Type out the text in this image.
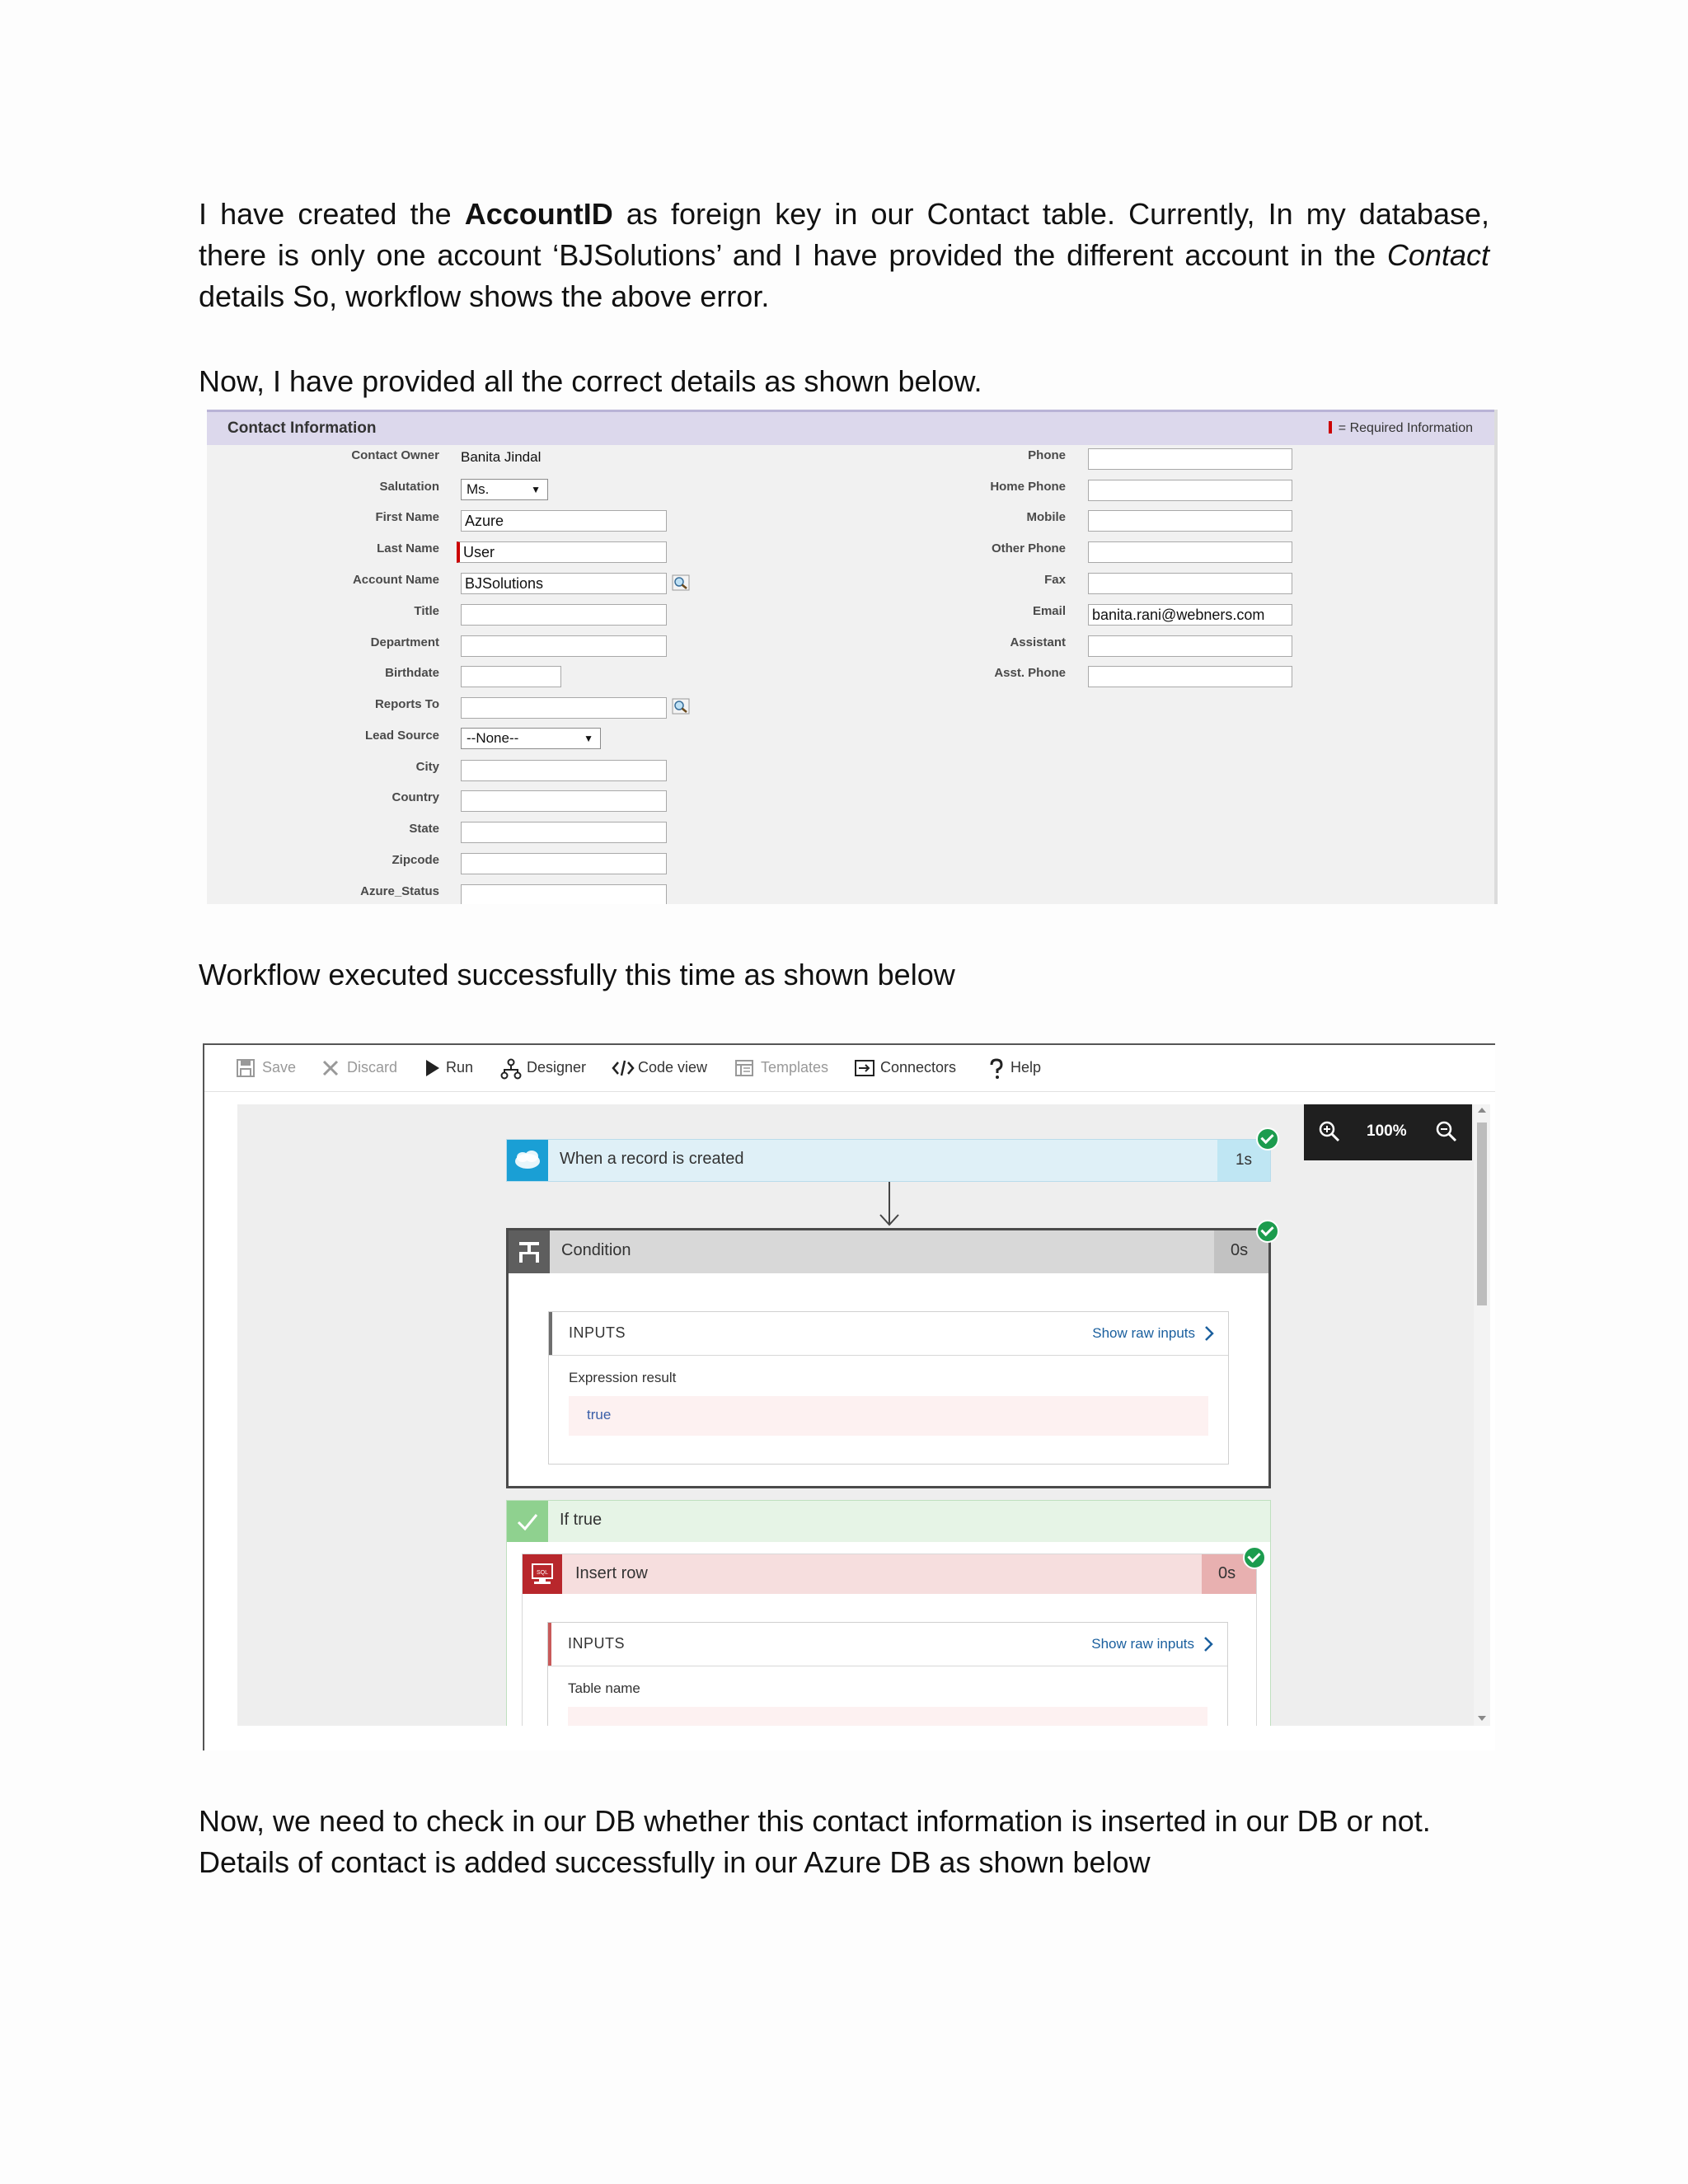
I have created the AccountID as foreign key in our Contact table. Currently, In my database, there is only one account ‘BJSolutions’ and I have provided the different account in the Contact details So, workflow shows the above error.

Now, I have provided all the correct details as shown below.

Contact Information	= Required Information
Contact Owner Banita Jindal
Salutation	Ms.	▼
First Name Azure
Last Name	User
Account Name BJSolutions
Title
Department
Birthdate
Reports To
Lead Source	--None--	▼
City
Country
State
Zipcode
Azure_Status
Phone
Home Phone
Mobile
Other Phone
Fax
Email banita.rani@webners.com
Assistant
Asst. Phone

Workflow executed successfully this time as shown below

Save	Discard	Run	Designer	Code view	Templates	Connectors	Help
100%
When a record is created	1s
Condition	0s
INPUTS	Show raw inputs
Expression result
true
If true
SQL Insert row	0s
INPUTS	Show raw inputs
Table name

Now, we need to check in our DB whether this contact information is inserted in our DB or not.

Details of contact is added successfully in our Azure DB as shown below
